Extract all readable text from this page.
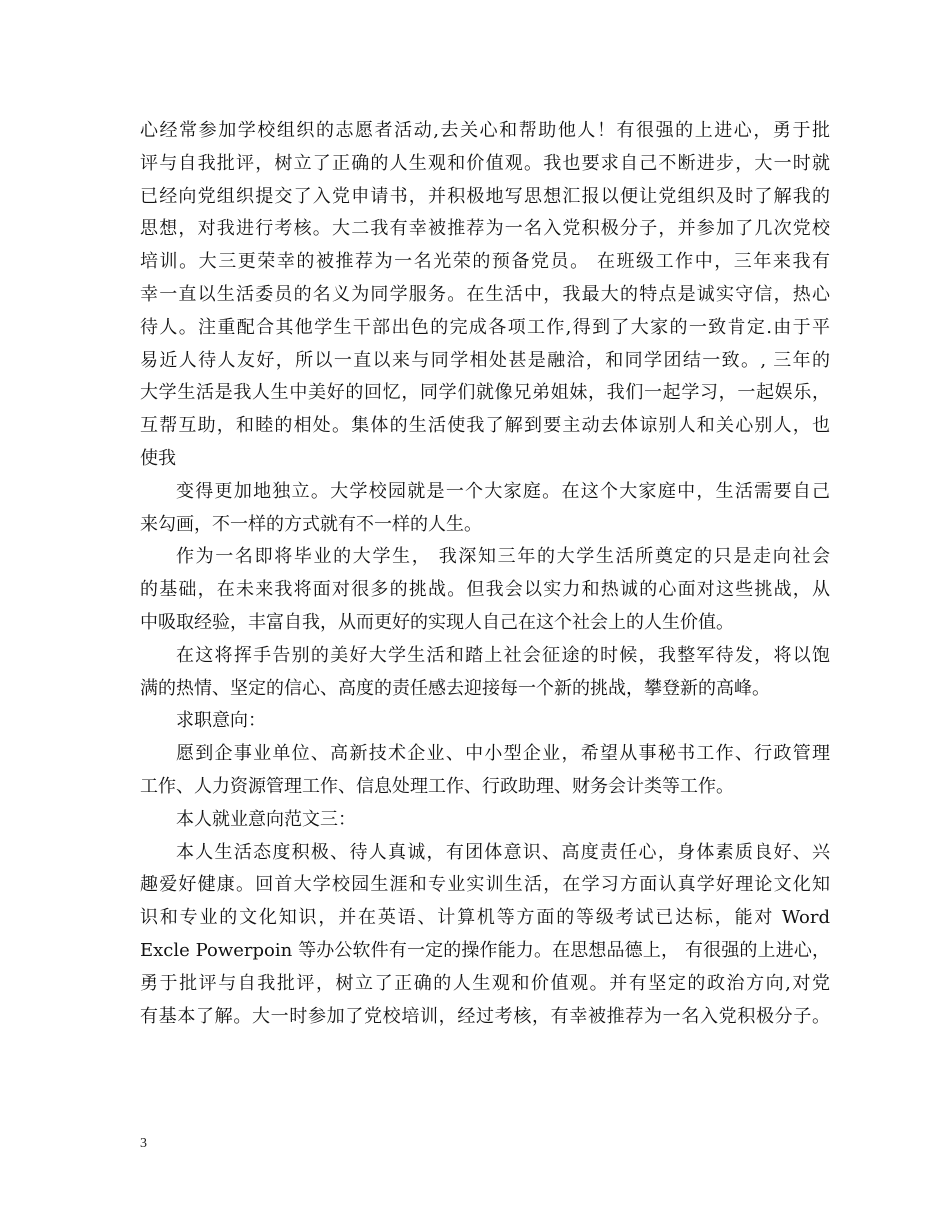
心经常参加学校组织的志愿者活动,去关心和帮助他人！有很强的上进心，勇于批
评与自我批评，树立了正确的人生观和价值观。我也要求自己不断进步，大一时就
已经向党组织提交了入党申请书，并积极地写思想汇报以便让党组织及时了解我的
思想，对我进行考核。大二我有幸被推荐为一名入党积极分子，并参加了几次党校
培训。大三更荣幸的被推荐为一名光荣的预备党员。 在班级工作中，三年来我有
幸一直以生活委员的名义为同学服务。在生活中，我最大的特点是诚实守信，热心
待人。注重配合其他学生干部出色的完成各项工作,得到了大家的一致肯定.由于平
易近人待人友好，所以一直以来与同学相处甚是融洽，和同学团结一致。, 三年的
大学生活是我人生中美好的回忆，同学们就像兄弟姐妹，我们一起学习，一起娱乐，
互帮互助，和睦的相处。集体的生活使我了解到要主动去体谅别人和关心别人，也
使我
变得更加地独立。大学校园就是一个大家庭。在这个大家庭中，生活需要自己
来勾画，不一样的方式就有不一样的人生。
作为一名即将毕业的大学生， 我深知三年的大学生活所奠定的只是走向社会
的基础，在未来我将面对很多的挑战。但我会以实力和热诚的心面对这些挑战，从
中吸取经验，丰富自我，从而更好的实现人自己在这个社会上的人生价值。
在这将挥手告别的美好大学生活和踏上社会征途的时候，我整军待发，将以饱
满的热情、坚定的信心、高度的责任感去迎接每一个新的挑战，攀登新的高峰。
求职意向：
愿到企事业单位、高新技术企业、中小型企业，希望从事秘书工作、行政管理
工作、人力资源管理工作、信息处理工作、行政助理、财务会计类等工作。
本人就业意向范文三：
本人生活态度积极、待人真诚，有团体意识、高度责任心，身体素质良好、兴
趣爱好健康。回首大学校园生涯和专业实训生活，在学习方面认真学好理论文化知
识和专业的文化知识，并在英语、计算机等方面的等级考试已达标，能对 Word
Excle Powerpoin 等办公软件有一定的操作能力。在思想品德上， 有很强的上进心，
勇于批评与自我批评，树立了正确的人生观和价值观。并有坚定的政治方向,对党
有基本了解。大一时参加了党校培训，经过考核，有幸被推荐为一名入党积极分子。
3
